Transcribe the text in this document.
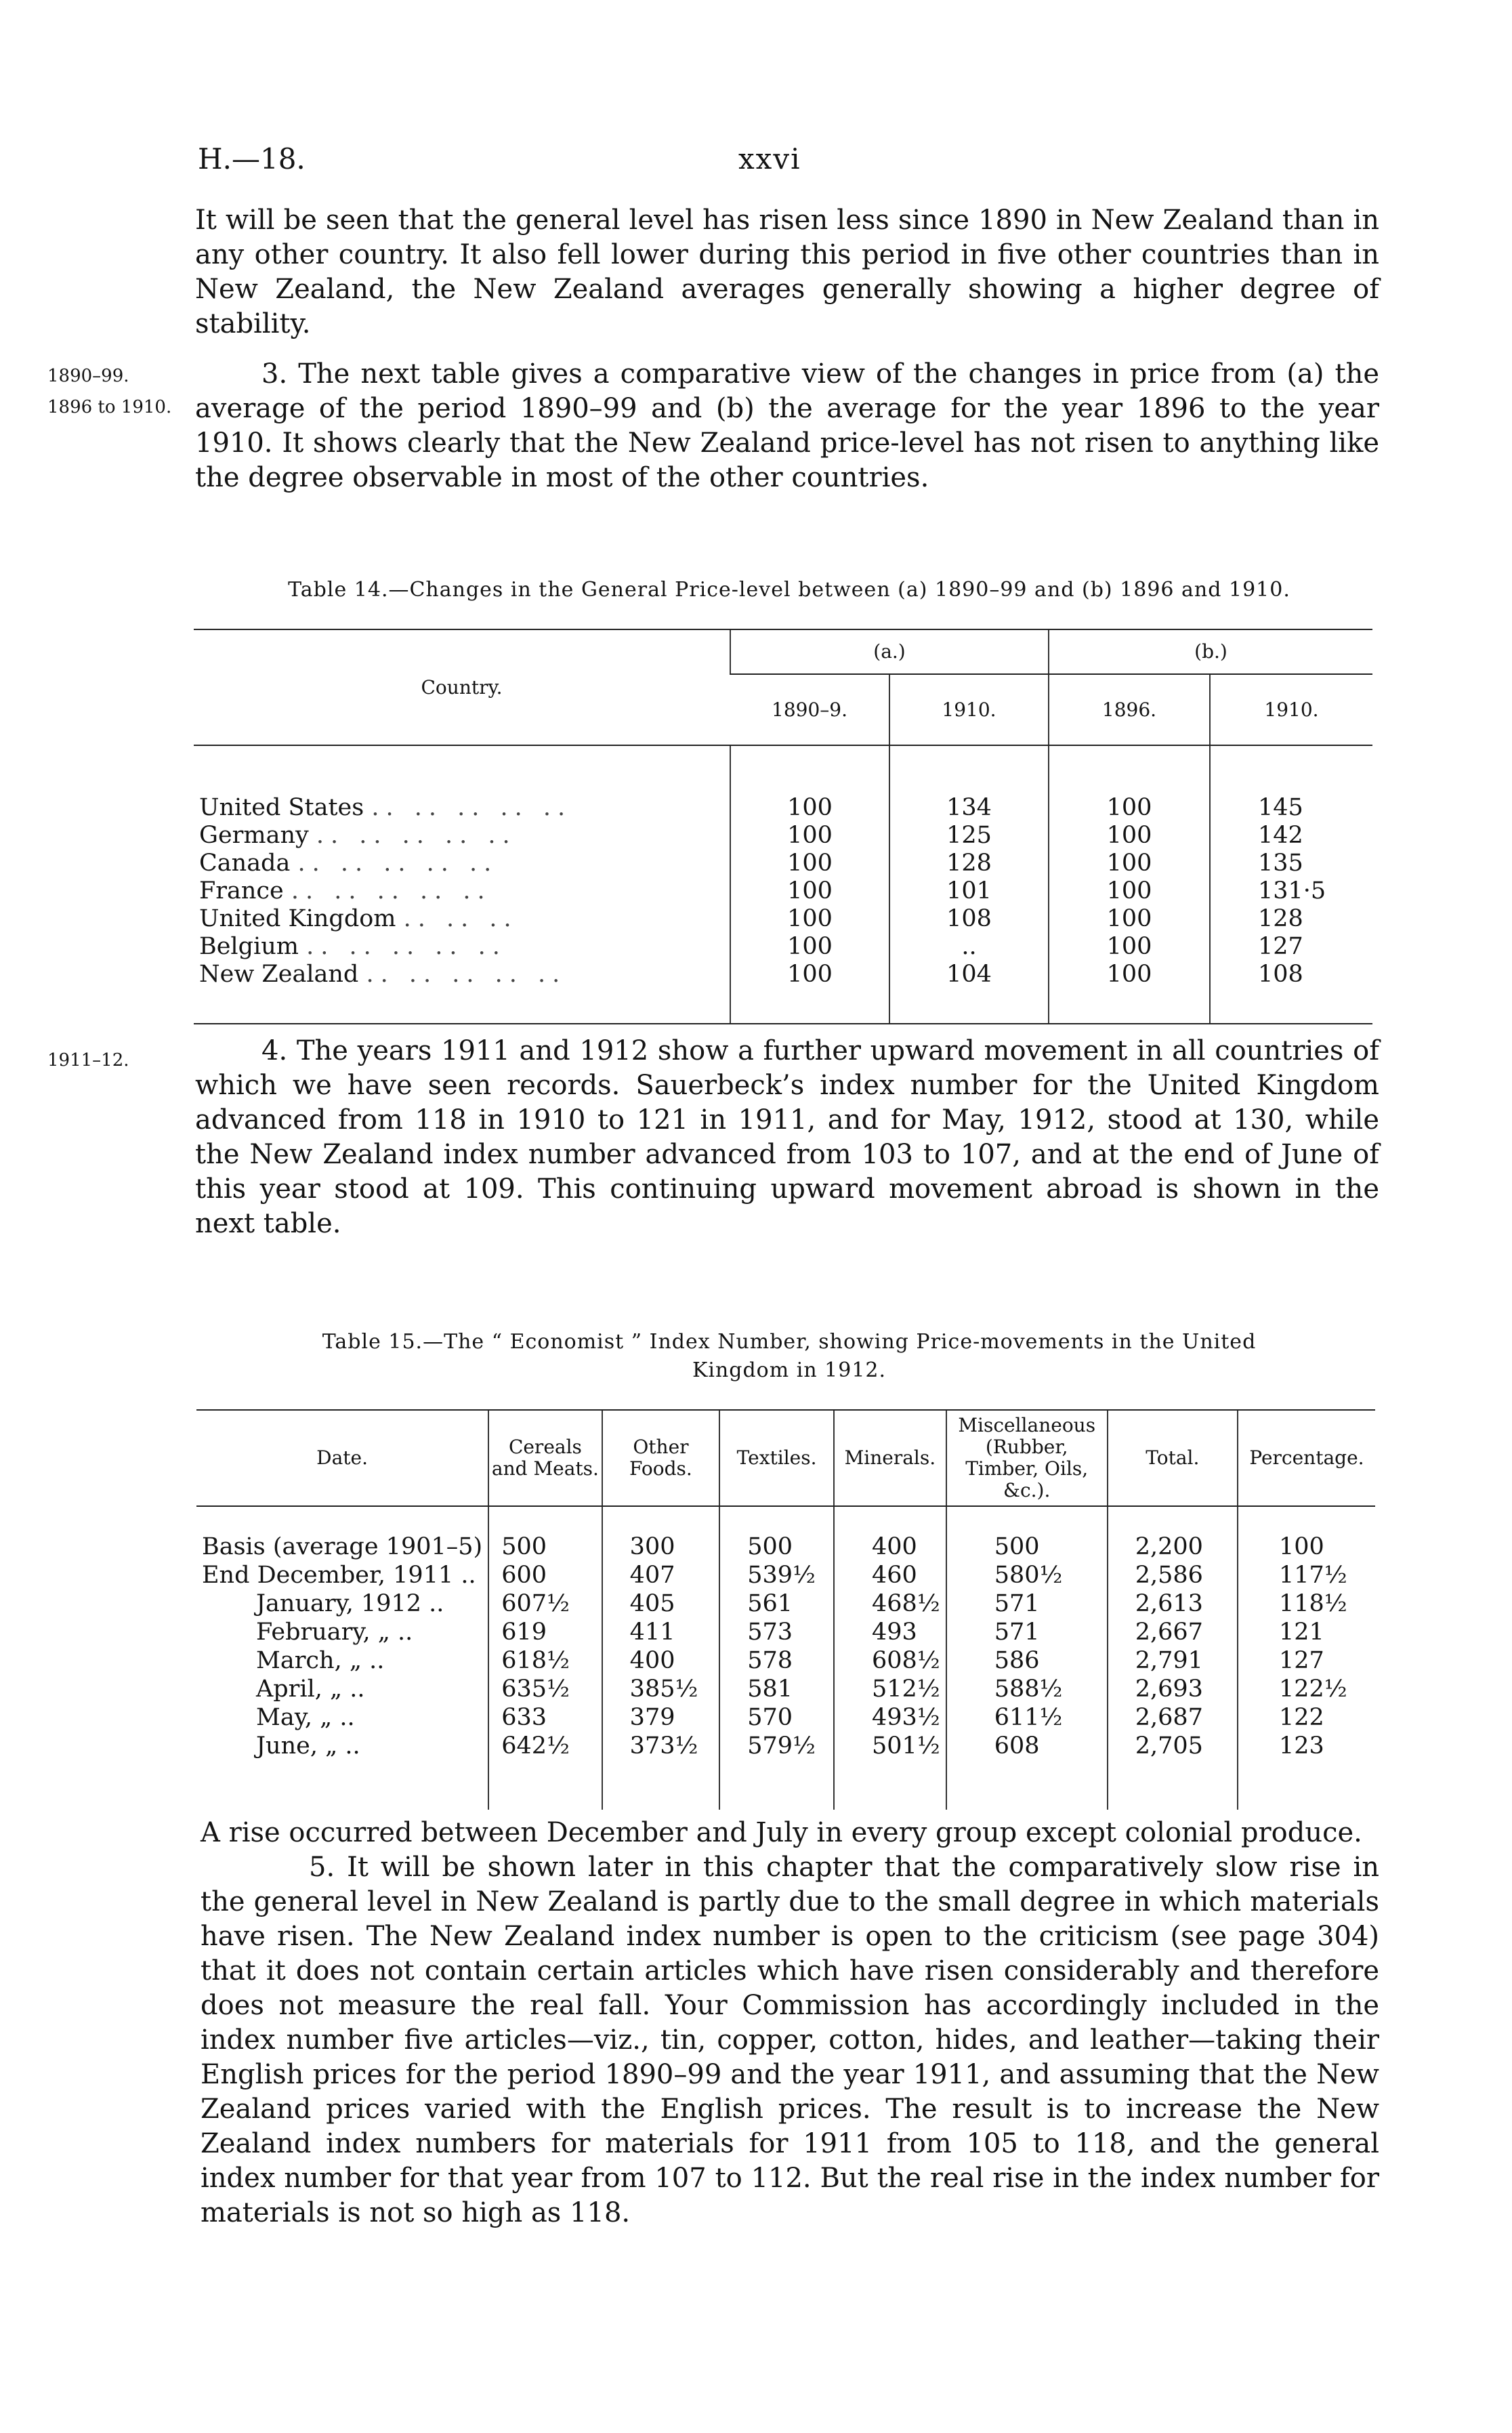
H.—18.	xxvi
It will be seen that the general level has risen less since 1890 in New Zealand than in any other country. It also fell lower during this period in five other countries than in New Zealand, the New Zealand averages generally showing a higher degree of stability.
1890–99.
1896 to 1910.
3. The next table gives a comparative view of the changes in price from (a) the average of the period 1890–99 and (b) the average for the year 1896 to the year 1910. It shows clearly that the New Zealand price-level has not risen to anything like the degree observable in most of the other countries.
Table 14.—Changes in the General Price-level between (a) 1890–99 and (b) 1896 and 1910.
Country.	(a.)		(b.)	
	1890–9.	1910.	1896.	1910.

United States .. .. .. .. ..	100	134	100	145
Germany .. .. .. .. ..	100	125	100	142
Canada .. .. .. .. ..	100	128	100	135
France .. .. .. .. ..	100	101	100	131·5
United Kingdom .. .. ..	100	108	100	128
Belgium .. .. .. .. ..	100	..	100	127
New Zealand .. .. .. .. ..	100	104	100	108

1911–12.	4. The years 1911 and 1912 show a further upward movement in all countries of which we have seen records. Sauerbeck’s index number for the United Kingdom advanced from 118 in 1910 to 121 in 1911, and for May, 1912, stood at 130, while the New Zealand index number advanced from 103 to 107, and at the end of June of this year stood at 109. This continuing upward movement abroad is shown in the next table.
Table 15.—The “ Economist ” Index Number, showing Price-movements in the United
Kingdom in 1912.
Date.	Cereals and Meats.	Other Foods.	Textiles.	Minerals.	Miscellaneous (Rubber, Timber, Oils, &c.).	Total.	Percentage.

Basis (average 1901–5)	500	300	500	400	500	2,200	100
End December, 1911 ..	600	407	539½	460	580½	2,586	117½
January, 1912 ..	607½	405	561	468½	571	2,613	118½
February, „ ..	619	411	573	493	571	2,667	121
March, „ ..	618½	400	578	608½	586	2,791	127
April, „ ..	635½	385½	581	512½	588½	2,693	122½
May, „ ..	633	379	570	493½	611½	2,687	122
June, „ ..	642½	373½	579½	501½	608	2,705	123

A rise occurred between December and July in every group except colonial produce.
5. It will be shown later in this chapter that the comparatively slow rise in the general level in New Zealand is partly due to the small degree in which materials have risen. The New Zealand index number is open to the criticism (see page 304) that it does not contain certain articles which have risen considerably and therefore does not measure the real fall. Your Commission has accordingly included in the index number five articles—viz., tin, copper, cotton, hides, and leather—taking their English prices for the period 1890–99 and the year 1911, and assuming that the New Zealand prices varied with the English prices. The result is to increase the New Zealand index numbers for materials for 1911 from 105 to 118, and the general index number for that year from 107 to 112. But the real rise in the index number for materials is not so high as 118.
